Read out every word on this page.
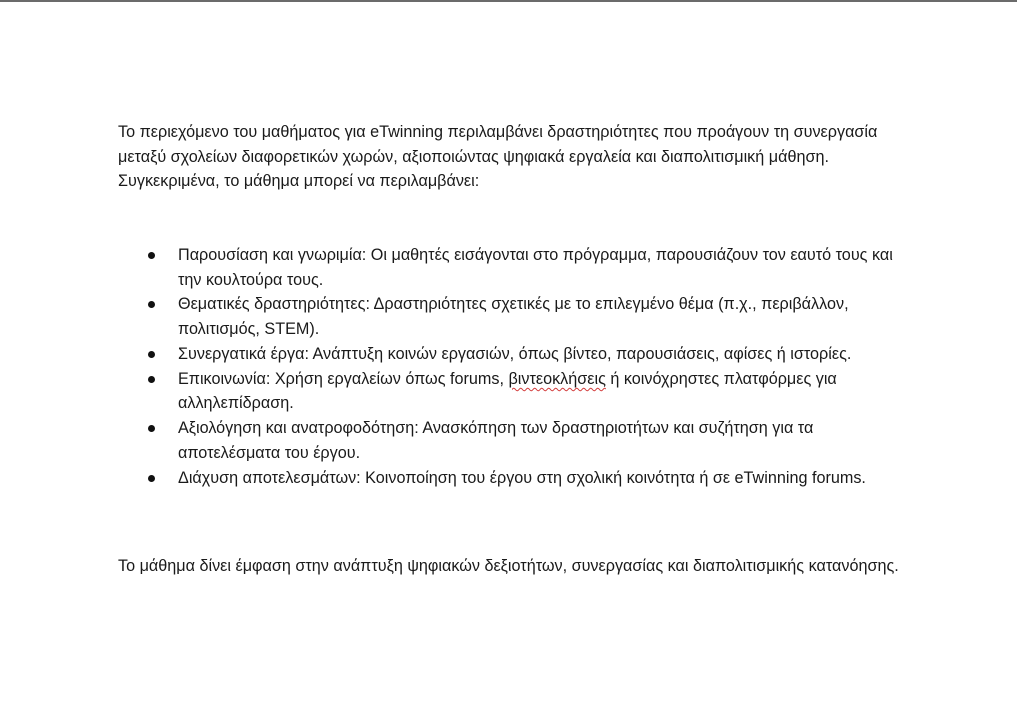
Το περιεχόμενο του μαθήματος για eTwinning περιλαμβάνει δραστηριότητες που προάγουν τη συνεργασία μεταξύ σχολείων διαφορετικών χωρών, αξιοποιώντας ψηφιακά εργαλεία και διαπολιτισμική μάθηση. Συγκεκριμένα, το μάθημα μπορεί να περιλαμβάνει:

Παρουσίαση και γνωριμία: Οι μαθητές εισάγονται στο πρόγραμμα, παρουσιάζουν τον εαυτό τους και την κουλτούρα τους.
Θεματικές δραστηριότητες: Δραστηριότητες σχετικές με το επιλεγμένο θέμα (π.χ., περιβάλλον, πολιτισμός, STEM).
Συνεργατικά έργα: Ανάπτυξη κοινών εργασιών, όπως βίντεο, παρουσιάσεις, αφίσες ή ιστορίες.
Επικοινωνία: Χρήση εργαλείων όπως forums, βιντεοκλήσεις ή κοινόχρηστες πλατφόρμες για αλληλεπίδραση.
Αξιολόγηση και ανατροφοδότηση: Ανασκόπηση των δραστηριοτήτων και συζήτηση για τα αποτελέσματα του έργου.
Διάχυση αποτελεσμάτων: Κοινοποίηση του έργου στη σχολική κοινότητα ή σε eTwinning forums.

Το μάθημα δίνει έμφαση στην ανάπτυξη ψηφιακών δεξιοτήτων, συνεργασίας και διαπολιτισμικής κατανόησης.
